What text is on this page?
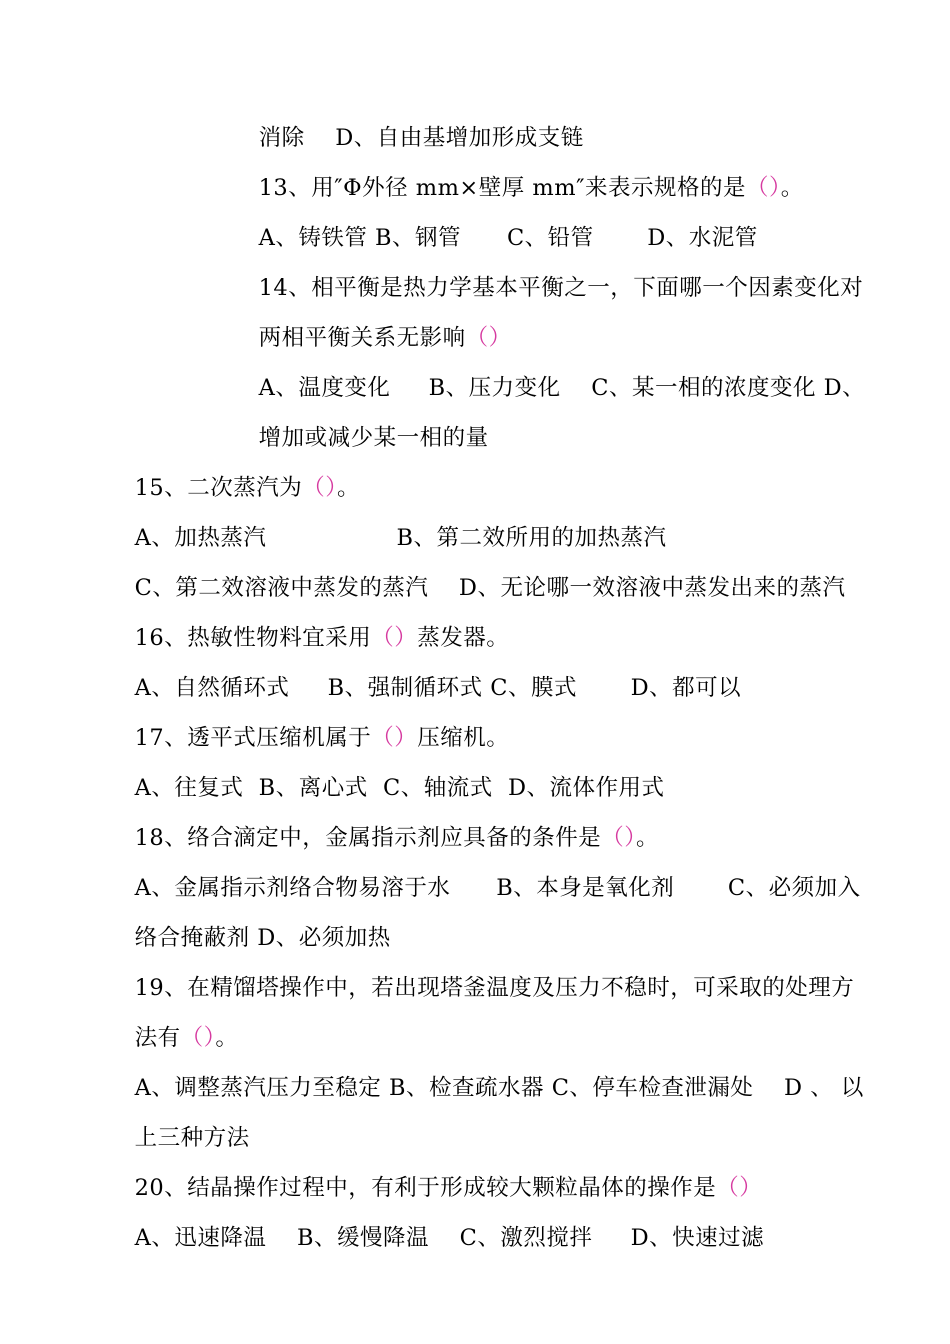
消除    D、自由基增加形成支链

13、用″Φ外径 mm×壁厚 mm″来表示规格的是（）。

A、铸铁管 B、钢管      C、铅管       D、水泥管

14、相平衡是热力学基本平衡之一，下面哪一个因素变化对

两相平衡关系无影响（）

A、温度变化     B、压力变化    C、某一相的浓度变化 D、

增加或减少某一相的量

15、二次蒸汽为（）。

A、加热蒸汽                 B、第二效所用的加热蒸汽

C、第二效溶液中蒸发的蒸汽    D、无论哪一效溶液中蒸发出来的蒸汽

16、热敏性物料宜采用（）蒸发器。

A、自然循环式     B、强制循环式 C、膜式       D、都可以

17、透平式压缩机属于（）压缩机。

A、往复式  B、离心式  C、轴流式  D、流体作用式

18、络合滴定中，金属指示剂应具备的条件是（）。

A、金属指示剂络合物易溶于水      B、本身是氧化剂       C、必须加入

络合掩蔽剂 D、必须加热

19、在精馏塔操作中，若出现塔釜温度及压力不稳时，可采取的处理方

法有（）。

A、调整蒸汽压力至稳定 B、检查疏水器 C、停车检查泄漏处    D 、 以

上三种方法

20、结晶操作过程中，有利于形成较大颗粒晶体的操作是（）

A、迅速降温    B、缓慢降温    C、激烈搅拌     D、快速过滤
